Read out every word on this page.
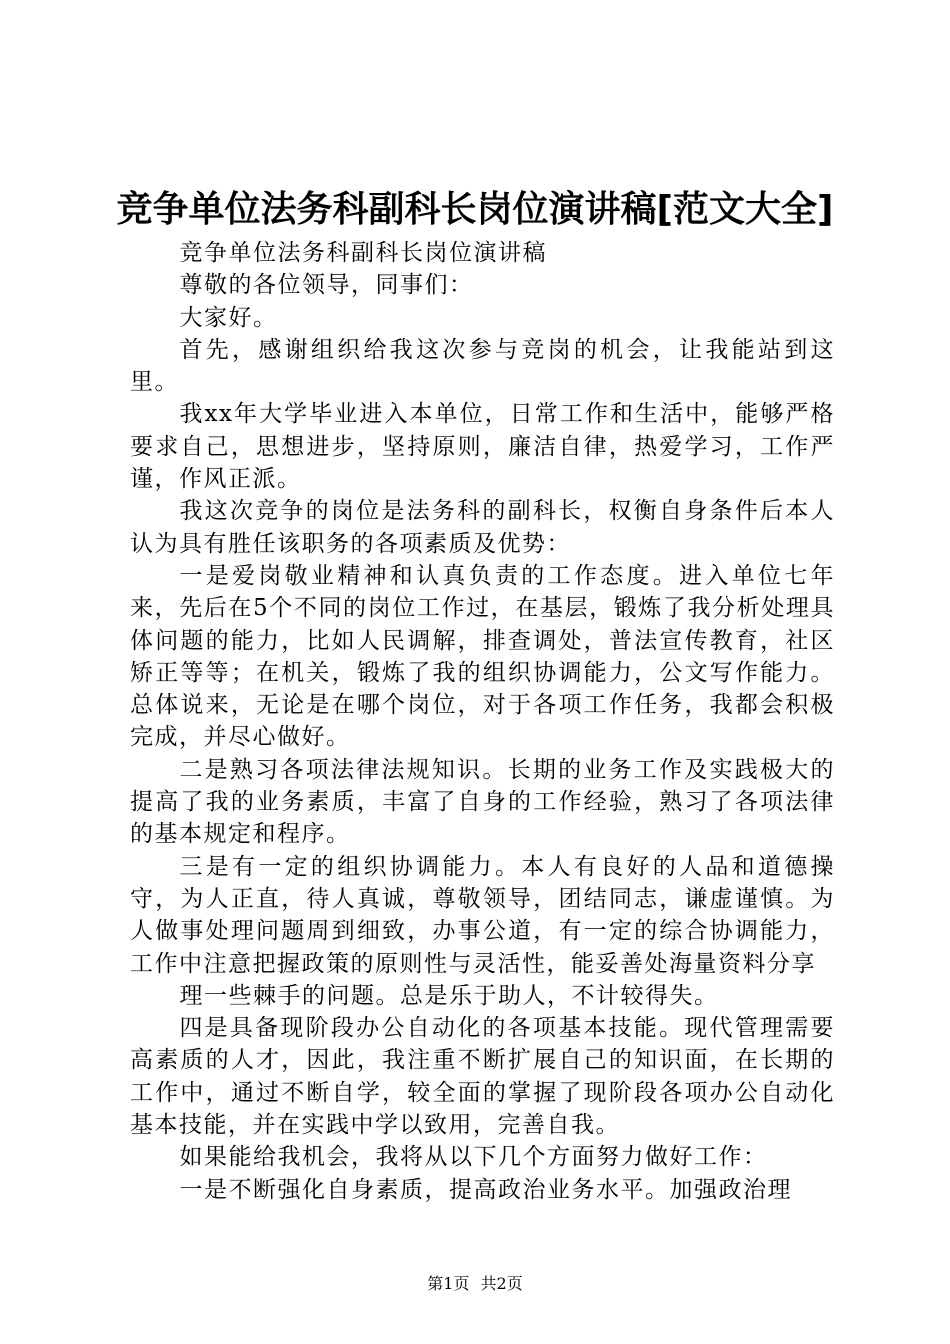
竞争单位法务科副科长岗位演讲稿[范文大全]

竞争单位法务科副科长岗位演讲稿

尊敬的各位领导，同事们：

大家好。

首先，感谢组织给我这次参与竞岗的机会，让我能站到这里。

我xx年大学毕业进入本单位，日常工作和生活中，能够严格要求自己，思想进步，坚持原则，廉洁自律，热爱学习，工作严谨，作风正派。

我这次竞争的岗位是法务科的副科长，权衡自身条件后本人认为具有胜任该职务的各项素质及优势：

一是爱岗敬业精神和认真负责的工作态度。进入单位七年来，先后在5个不同的岗位工作过，在基层，锻炼了我分析处理具体问题的能力，比如人民调解，排查调处，普法宣传教育，社区矫正等等；在机关，锻炼了我的组织协调能力，公文写作能力。总体说来，无论是在哪个岗位，对于各项工作任务，我都会积极完成，并尽心做好。

二是熟习各项法律法规知识。长期的业务工作及实践极大的提高了我的业务素质，丰富了自身的工作经验，熟习了各项法律的基本规定和程序。

三是有一定的组织协调能力。本人有良好的人品和道德操守，为人正直，待人真诚，尊敬领导，团结同志，谦虚谨慎。为人做事处理问题周到细致，办事公道，有一定的综合协调能力，工作中注意把握政策的原则性与灵活性，能妥善处海量资料分享

理一些棘手的问题。总是乐于助人，不计较得失。

四是具备现阶段办公自动化的各项基本技能。现代管理需要高素质的人才，因此，我注重不断扩展自己的知识面，在长期的工作中，通过不断自学，较全面的掌握了现阶段各项办公自动化基本技能，并在实践中学以致用，完善自我。

如果能给我机会，我将从以下几个方面努力做好工作：

一是不断强化自身素质，提高政治业务水平。加强政治理

第1页 共2页
